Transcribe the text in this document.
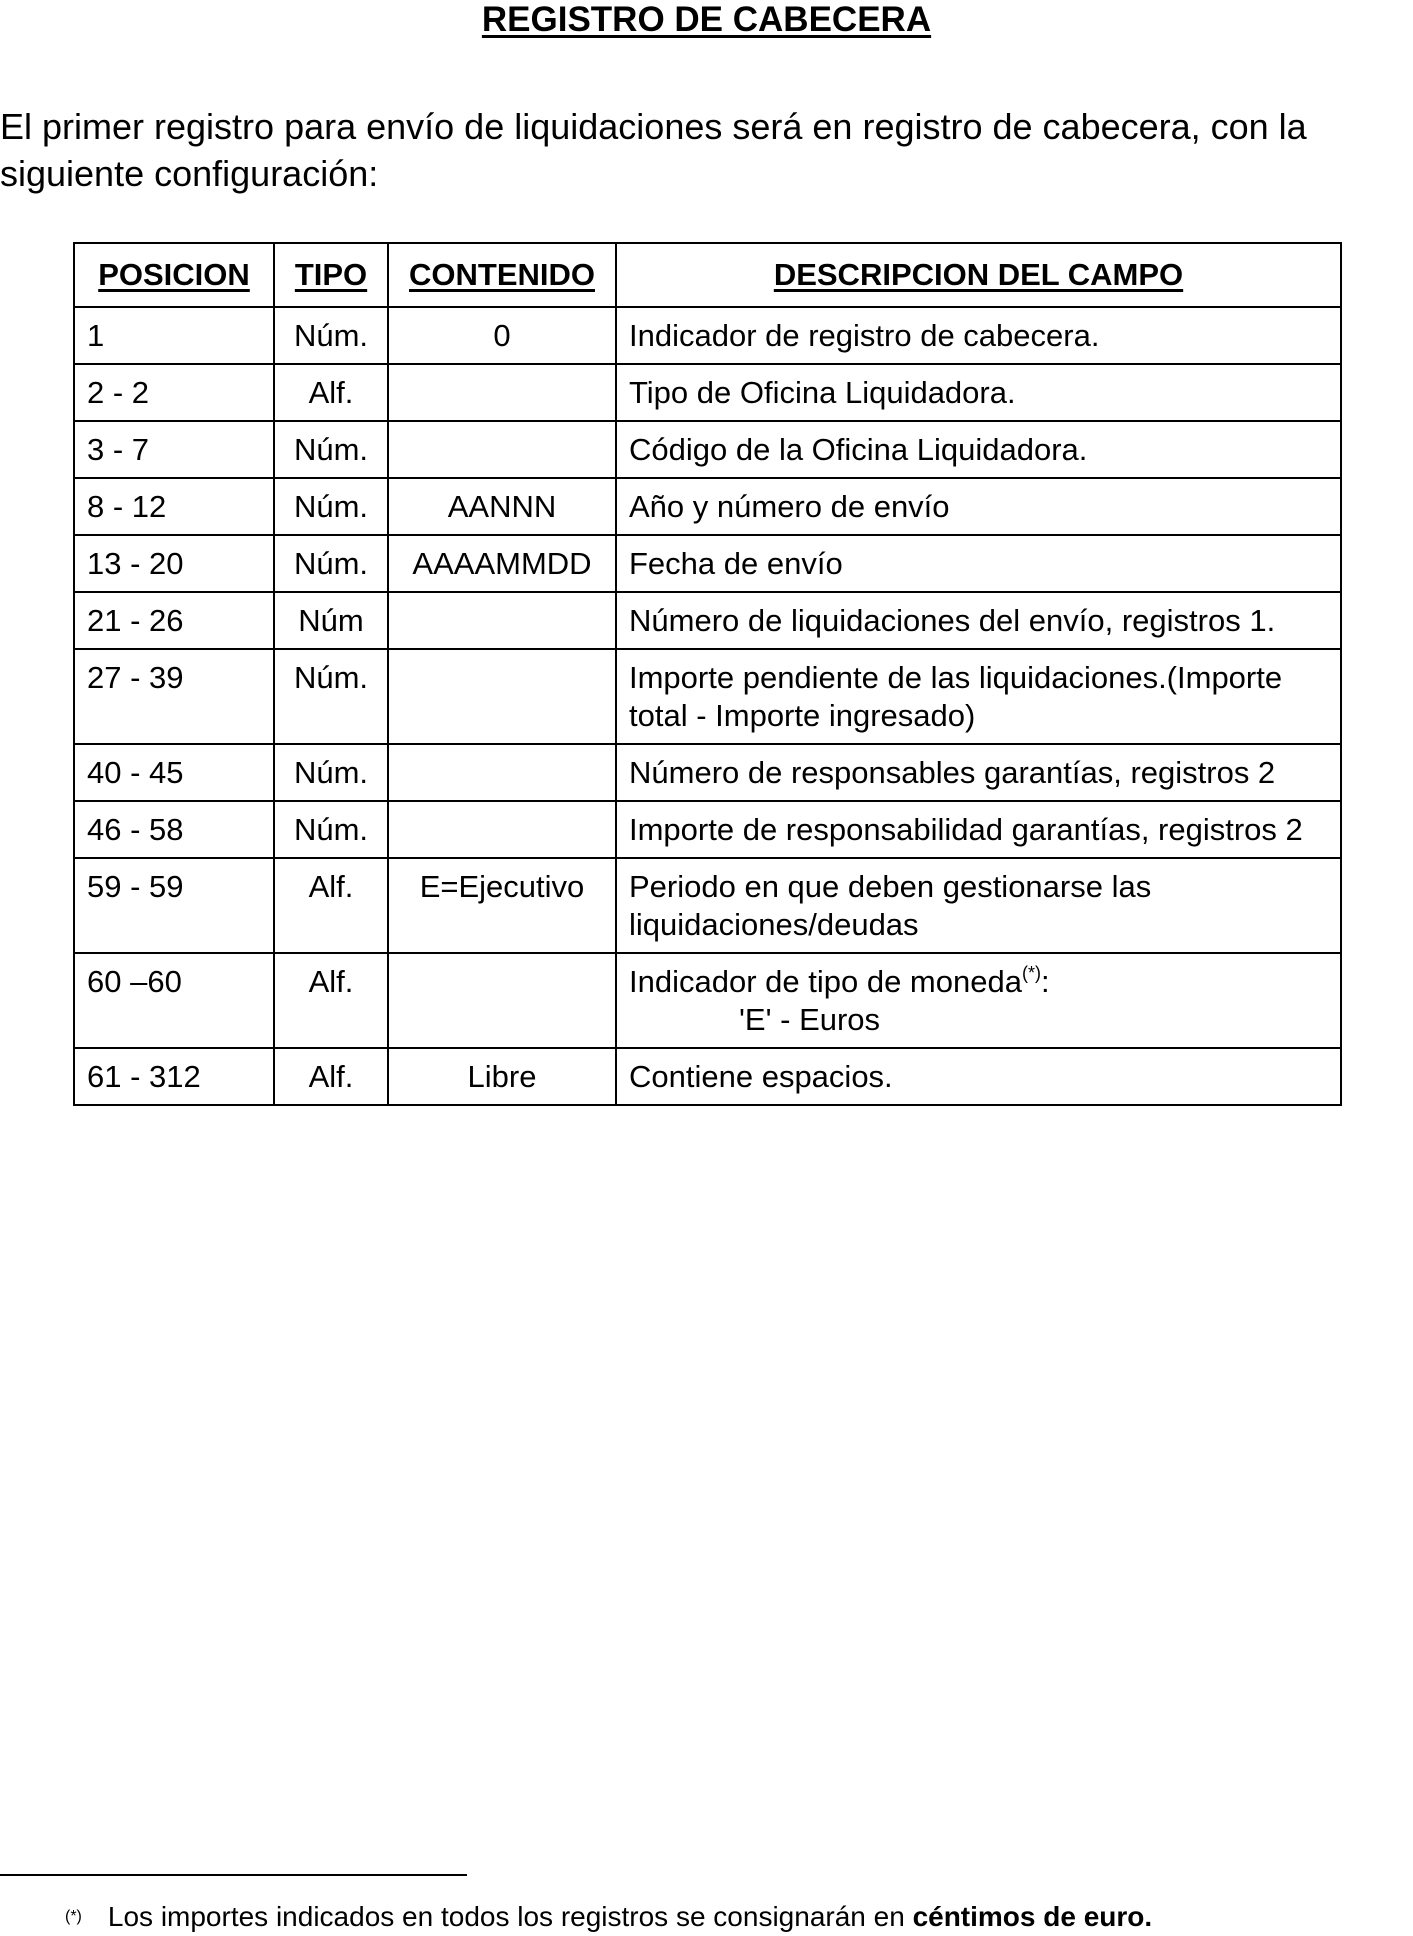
REGISTRO DE CABECERA
El primer registro para envío de liquidaciones será en registro de cabecera, con la siguiente configuración:
POSICION	TIPO	CONTENIDO	DESCRIPCION DEL CAMPO
1	Núm.	0	Indicador de registro de cabecera.
2 - 2	Alf.		Tipo de Oficina Liquidadora.
3 - 7	Núm.		Código de la Oficina Liquidadora.
8 - 12	Núm.	AANNN	Año y número de envío
13 - 20	Núm.	AAAAMMDD	Fecha de envío
21 - 26	Núm		Número de liquidaciones del envío, registros 1.
27 - 39	Núm.		Importe pendiente de las liquidaciones.(Importe total - Importe ingresado)
40 - 45	Núm.		Número de responsables garantías, registros 2
46 - 58	Núm.		Importe de responsabilidad garantías, registros 2
59 - 59	Alf.	E=Ejecutivo	Periodo en que deben gestionarse las liquidaciones/deudas
60 –60	Alf.		Indicador de tipo de moneda(*):
'E' - Euros

61 - 312	Alf.	Libre	Contiene espacios.
(*) Los importes indicados en todos los registros se consignarán en céntimos de euro.
